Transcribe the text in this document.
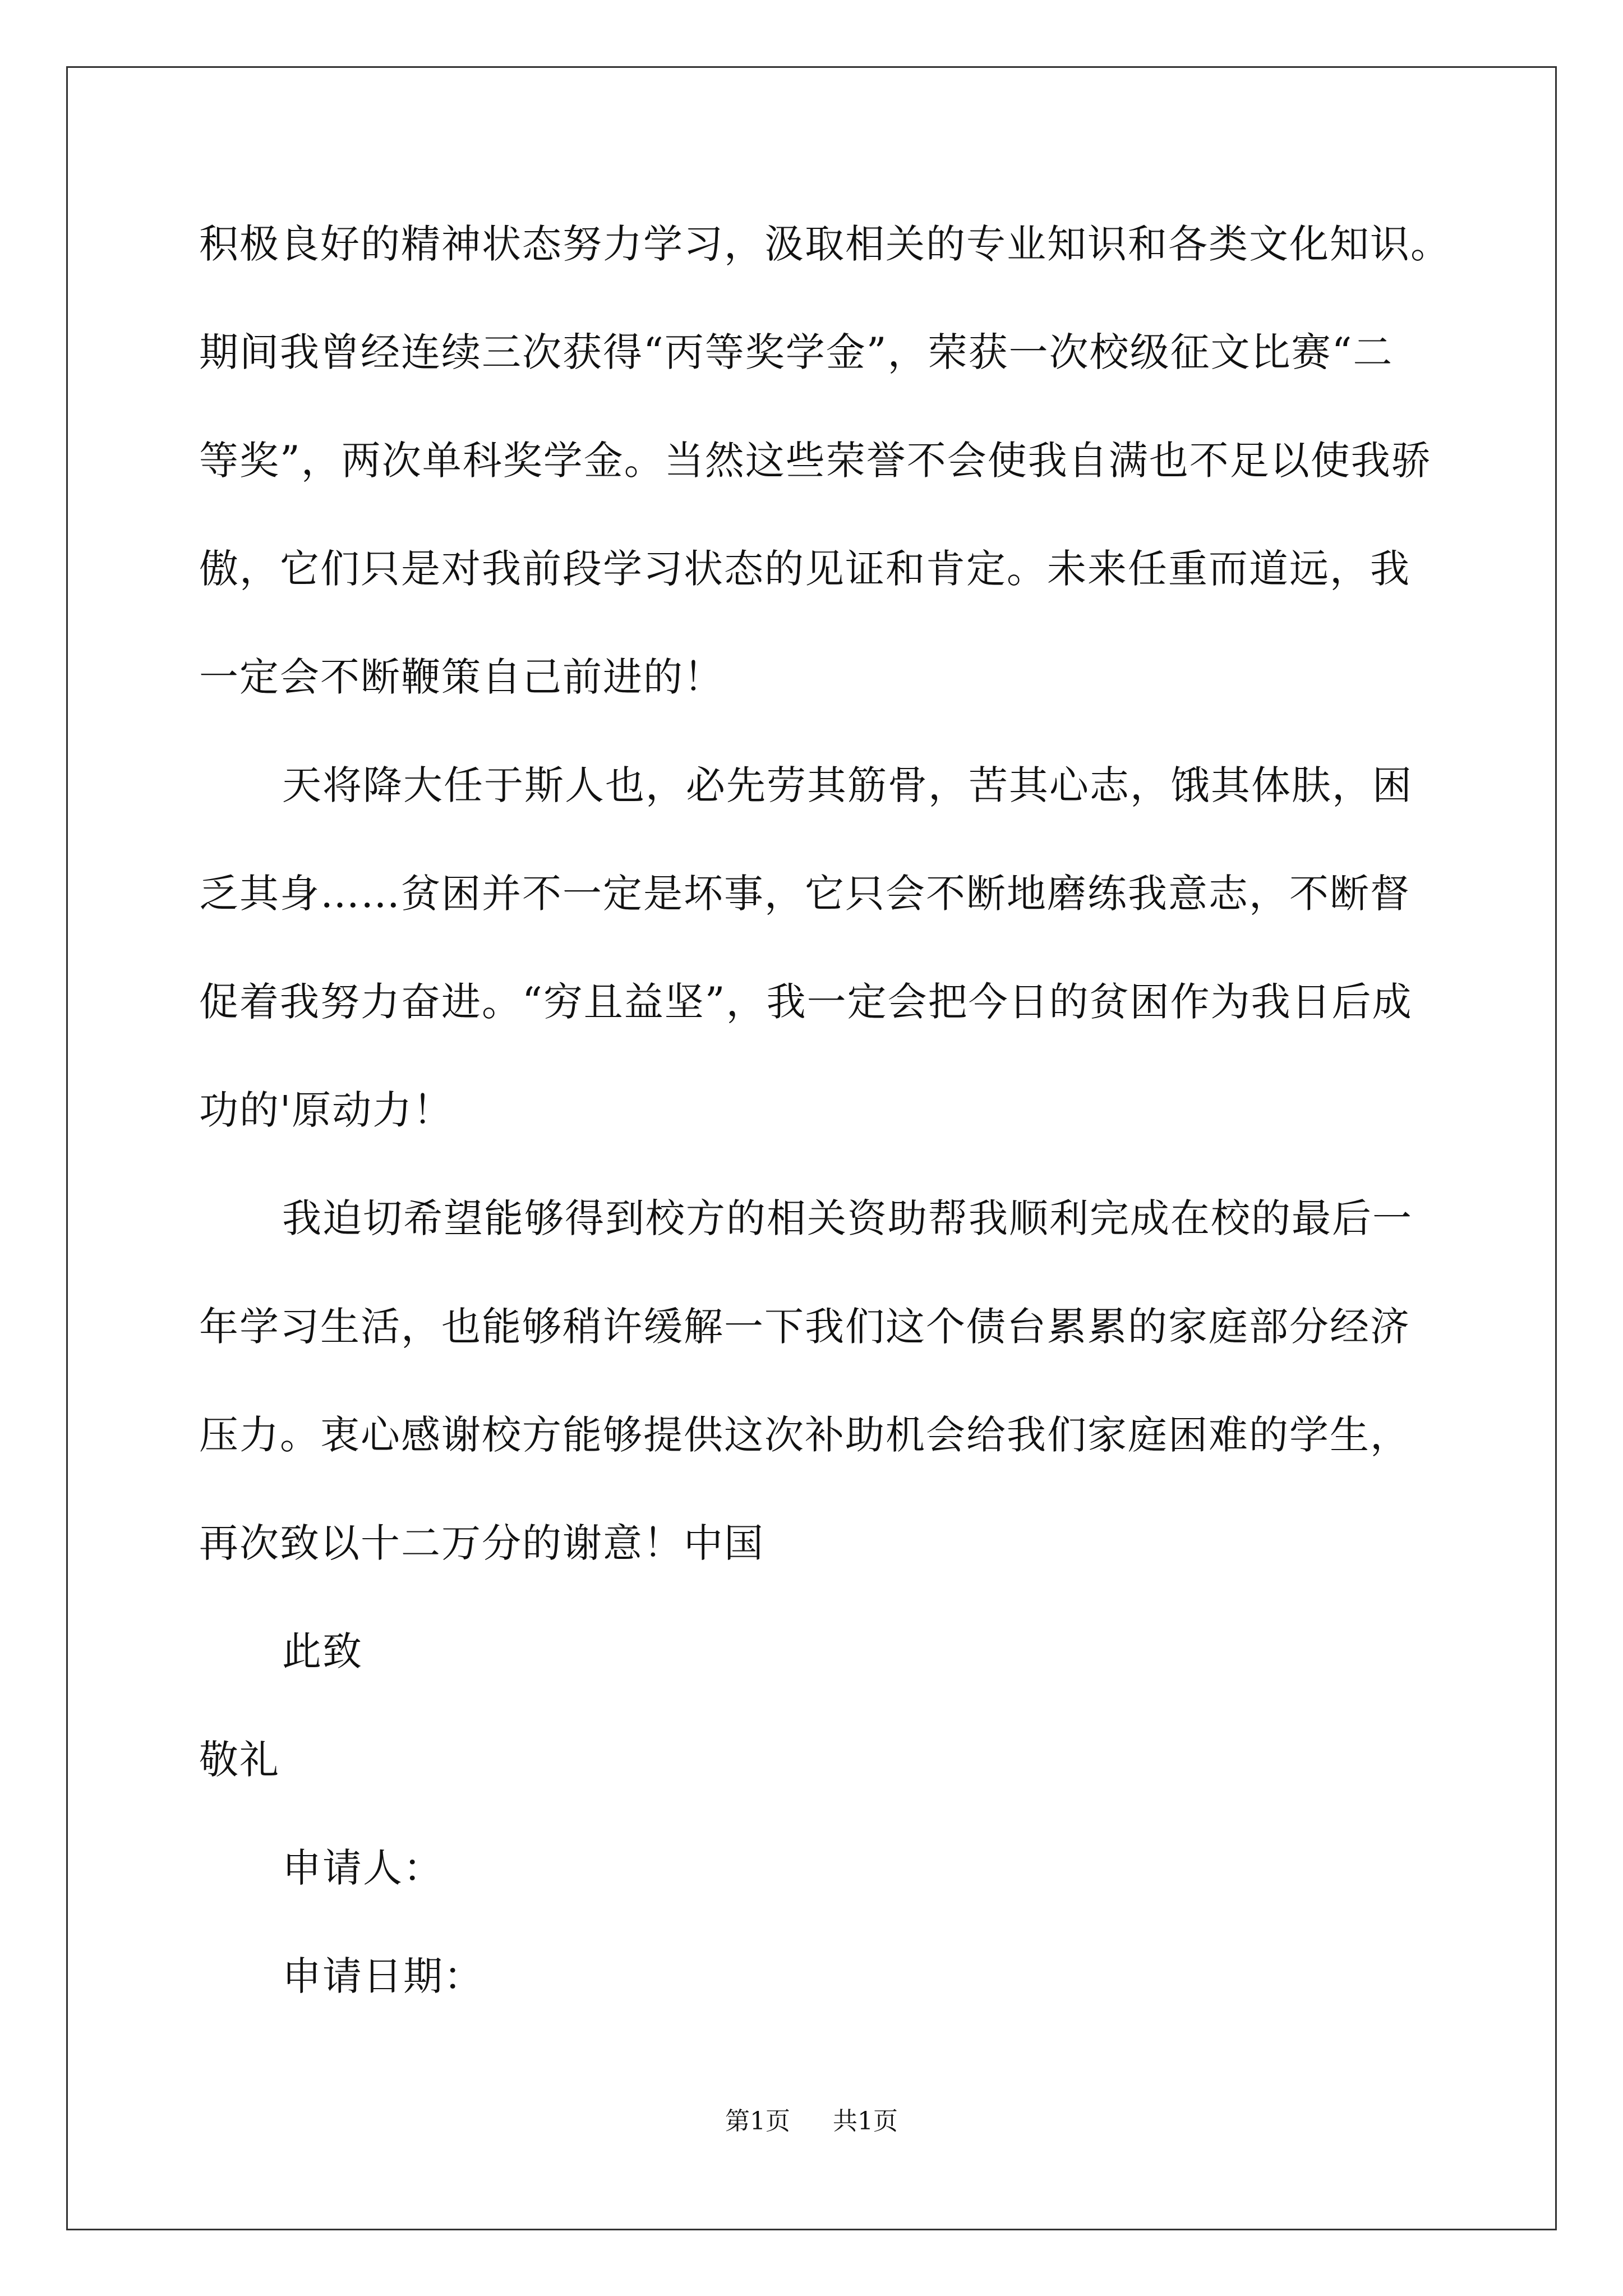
积极良好的精神状态努力学习，汲取相关的专业知识和各类文化知识。
期间我曾经连续三次获得“丙等奖学金”，荣获一次校级征文比赛“二
等奖”，两次单科奖学金。当然这些荣誉不会使我自满也不足以使我骄
傲，它们只是对我前段学习状态的见证和肯定。未来任重而道远，我
一定会不断鞭策自己前进的！
天将降大任于斯人也，必先劳其筋骨，苦其心志，饿其体肤，困
乏其身……贫困并不一定是坏事，它只会不断地磨练我意志，不断督
促着我努力奋进。“穷且益坚”，我一定会把今日的贫困作为我日后成
功的'原动力！
我迫切希望能够得到校方的相关资助帮我顺利完成在校的最后一
年学习生活，也能够稍许缓解一下我们这个债台累累的家庭部分经济
压力。衷心感谢校方能够提供这次补助机会给我们家庭困难的学生，
再次致以十二万分的谢意！中国
此致
敬礼
申请人：
申请日期：
第1页 共1页
